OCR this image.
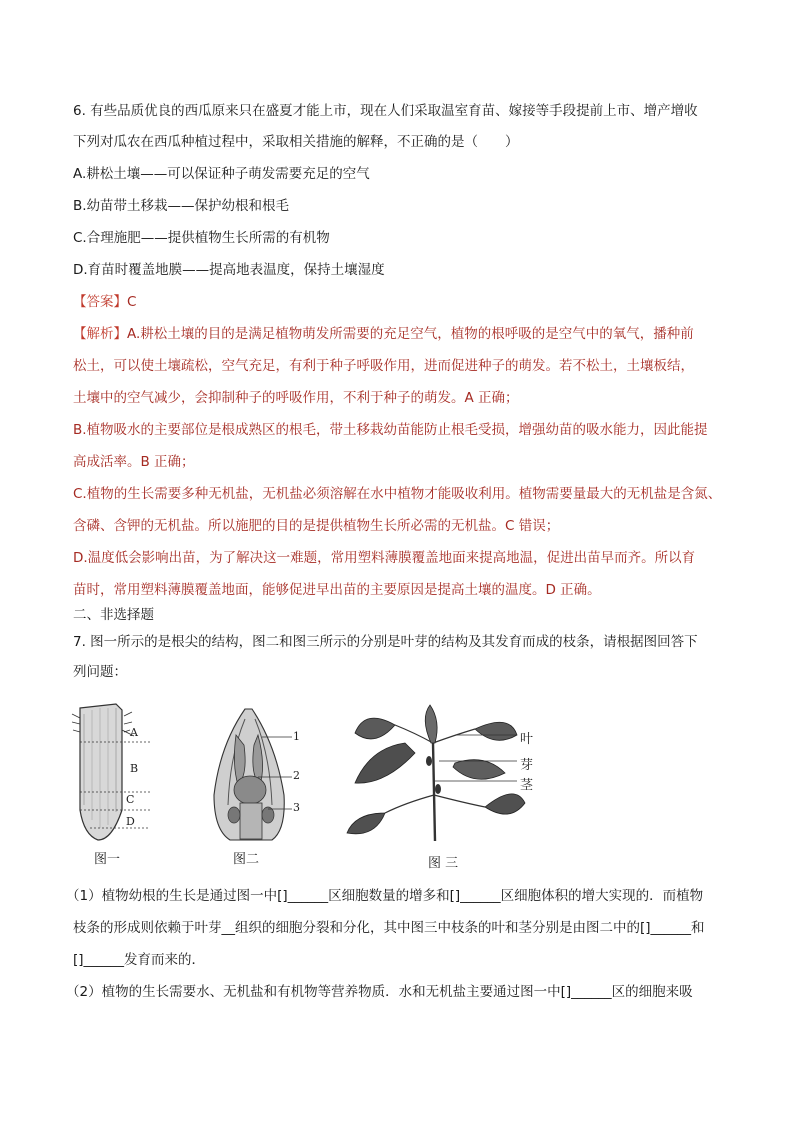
6. 有些品质优良的西瓜原来只在盛夏才能上市，现在人们采取温室育苗、嫁接等手段提前上市、增产增收
下列对瓜农在西瓜种植过程中，采取相关措施的解释，不正确的是（　　）
A.耕松土壤——可以保证种子萌发需要充足的空气
B.幼苗带土移栽——保护幼根和根毛
C.合理施肥——提供植物生长所需的有机物
D.育苗时覆盖地膜——提高地表温度，保持土壤湿度
【答案】C
【解析】A.耕松土壤的目的是满足植物萌发所需要的充足空气，植物的根呼吸的是空气中的氧气，播种前
松土，可以使土壤疏松，空气充足，有利于种子呼吸作用，进而促进种子的萌发。若不松土，土壤板结，
土壤中的空气减少，会抑制种子的呼吸作用，不利于种子的萌发。A 正确；
B.植物吸水的主要部位是根成熟区的根毛，带土移栽幼苗能防止根毛受损，增强幼苗的吸水能力，因此能提
高成活率。B 正确；
C.植物的生长需要多种无机盐，无机盐必须溶解在水中植物才能吸收利用。植物需要量最大的无机盐是含氮、
含磷、含钾的无机盐。所以施肥的目的是提供植物生长所必需的无机盐。C 错误；
D.温度低会影响出苗，为了解决这一难题，常用塑料薄膜覆盖地面来提高地温，促进出苗早而齐。所以育
苗时，常用塑料薄膜覆盖地面，能够促进早出苗的主要原因是提高土壤的温度。D 正确。
二、非选择题
7. 图一所示的是根尖的结构，图二和图三所示的分别是叶芽的结构及其发育而成的枝条，请根据图回答下
列问题：
A
B
C
D
图一
1
2
3
图二
叶
芽
茎
图 三
（1）植物幼根的生长是通过图一中[]______区细胞数量的增多和[]______区细胞体积的增大实现的．而植物
枝条的形成则依赖于叶芽__组织的细胞分裂和分化，其中图三中枝条的叶和茎分别是由图二中的[]______和
[]______发育而来的．
（2）植物的生长需要水、无机盐和有机物等营养物质．水和无机盐主要通过图一中[]______区的细胞来吸
